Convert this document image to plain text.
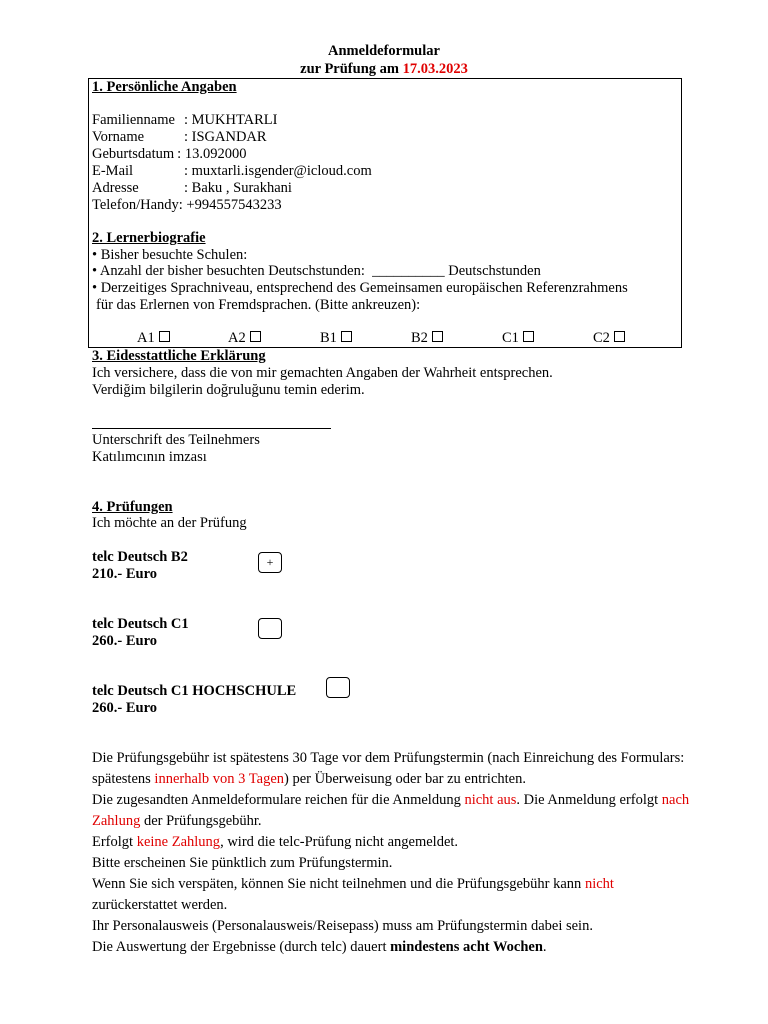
Anmeldeformular
zur Prüfung am 17.03.2023
1. Persönliche Angaben
Familienname : MUKHTARLI
Vorname	: ISGANDAR
Geburtsdatum : 13.092000
E-Mail	: muxtarli.isgender@icloud.com
Adresse	: Baku , Surakhani
Telefon/Handy: +994557543233
2. Lernerbiografie
• Bisher besuchte Schulen:
• Anzahl der bisher besuchten Deutschstunden: __________ Deutschstunden
• Derzeitiges Sprachniveau, entsprechend des Gemeinsamen europäischen Referenzrahmens
für das Erlernen von Fremdsprachen. (Bitte ankreuzen):
A1	A2	B1	B2	C1	C2
3. Eidesstattliche Erklärung
Ich versichere, dass die von mir gemachten Angaben der Wahrheit entsprechen.
Verdiğim bilgilerin doğruluğunu temin ederim.
Unterschrift des Teilnehmers
Katılımcının imzası
4. Prüfungen
Ich möchte an der Prüfung
telc Deutsch B2
210.- Euro
+
telc Deutsch C1
260.- Euro
telc Deutsch C1 HOCHSCHULE
260.- Euro
Die Prüfungsgebühr ist spätestens 30 Tage vor dem Prüfungstermin (nach Einreichung des Formulars: spätestens innerhalb von 3 Tagen) per Überweisung oder bar zu entrichten.
Die zugesandten Anmeldeformulare reichen für die Anmeldung nicht aus. Die Anmeldung erfolgt nach Zahlung der Prüfungsgebühr.
Erfolgt keine Zahlung, wird die telc-Prüfung nicht angemeldet.
Bitte erscheinen Sie pünktlich zum Prüfungstermin.
Wenn Sie sich verspäten, können Sie nicht teilnehmen und die Prüfungsgebühr kann nicht zurückerstattet werden.
Ihr Personalausweis (Personalausweis/Reisepass) muss am Prüfungstermin dabei sein.
Die Auswertung der Ergebnisse (durch telc) dauert mindestens acht Wochen.
